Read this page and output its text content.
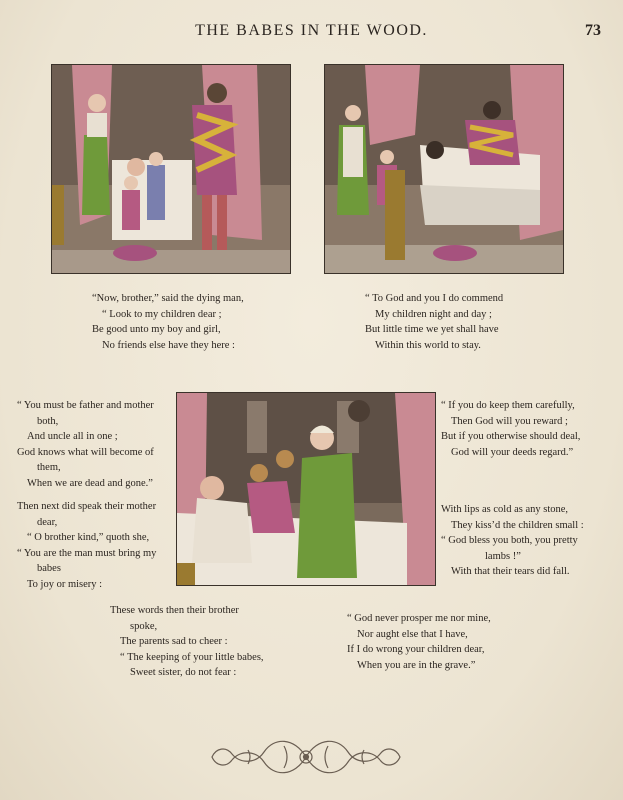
THE BABES IN THE WOOD.	73
“Now, brother,” said the dying man,
“ Look to my children dear ;
Be good unto my boy and girl,
No friends else have they here :
“ To God and you I do commend
My children night and day ;
But little time we yet shall have
Within this world to stay.
“ You must be father and mother
both,
And uncle all in one ;
God knows what will become of
them,
When we are dead and gone.”
Then next did speak their mother
dear,
“ O brother kind,” quoth she,
“ You are the man must bring my
babes
To joy or misery :
“ If you do keep them carefully,
Then God will you reward ;
But if you otherwise should deal,
God will your deeds regard.”
With lips as cold as any stone,
They kiss’d the children small :
“ God bless you both, you pretty
lambs !”
With that their tears did fall.
These words then their brother
spoke,
The parents sad to cheer :
“ The keeping of your little babes,
Sweet sister, do not fear :
“ God never prosper me nor mine,
Nor aught else that I have,
If I do wrong your children dear,
When you are in the grave.”
